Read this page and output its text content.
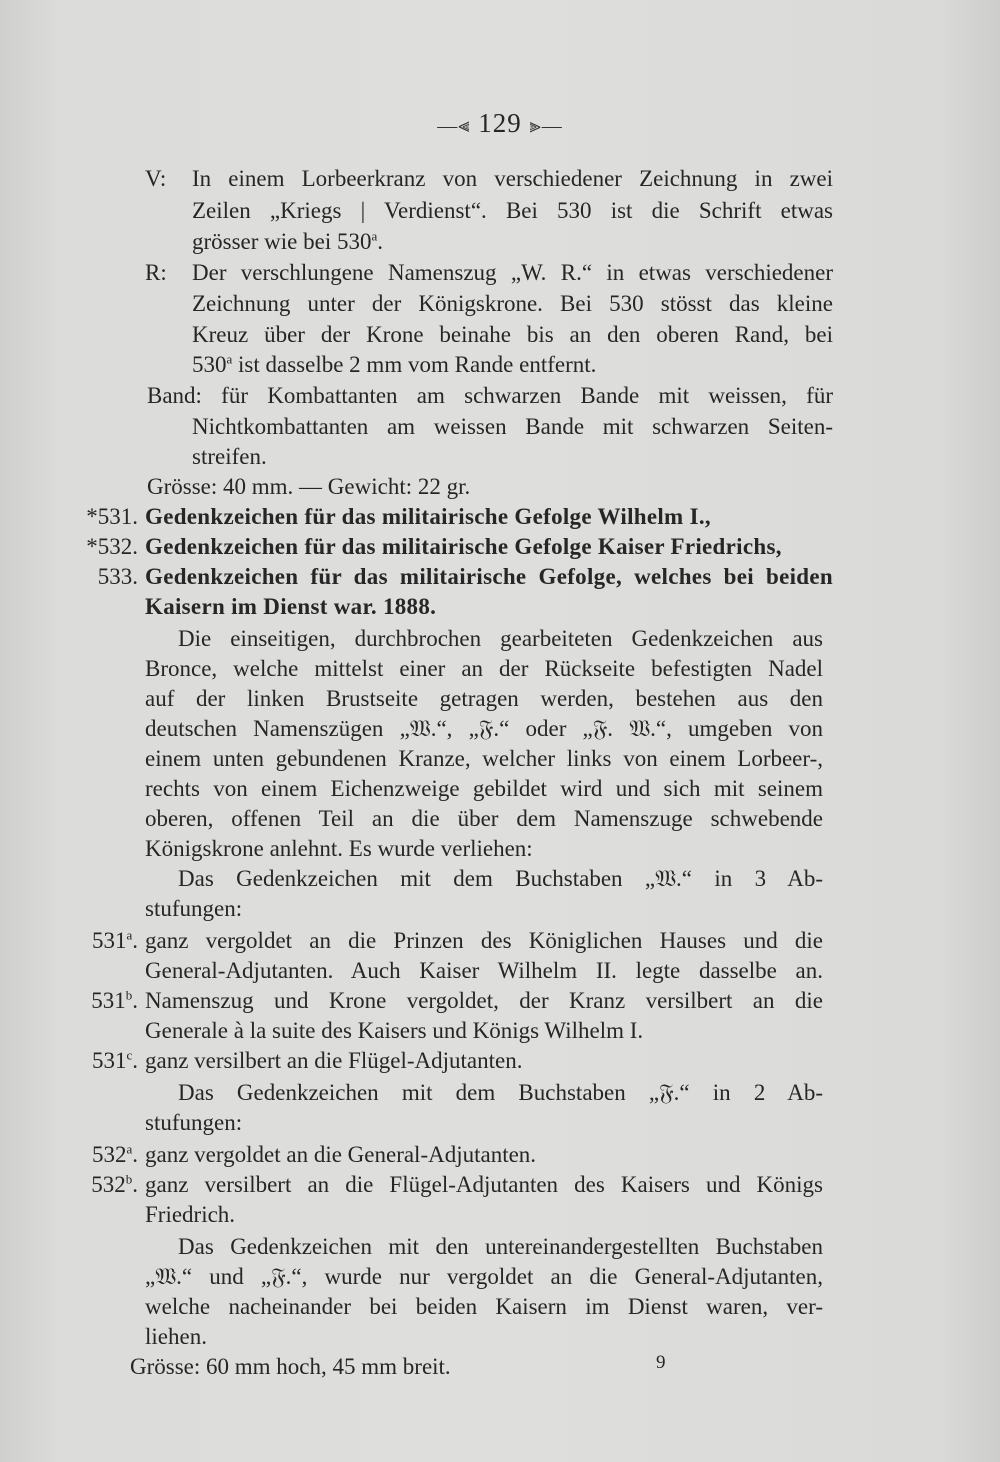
—⫷ 129 ⫸—
V: In einem Lorbeerkranz von verschiedener Zeichnung in zwei
Zeilen „Kriegs | Verdienst“. Bei 530 ist die Schrift etwas
grösser wie bei 530$^a$.
R: Der verschlungene Namenszug „W. R.“ in etwas verschiedener
Zeichnung unter der Königskrone. Bei 530 stösst das kleine
Kreuz über der Krone beinahe bis an den oberen Rand, bei
530$^a$ ist dasselbe 2 mm vom Rande entfernt.
Band: für Kombattanten am schwarzen Bande mit weissen, für
Nichtkombattanten am weissen Bande mit schwarzen Seiten-
streifen.
Grösse: 40 mm. — Gewicht: 22 gr.
*531. Gedenkzeichen für das militairische Gefolge Wilhelm I.,
*532. Gedenkzeichen für das militairische Gefolge Kaiser Friedrichs,
533. Gedenkzeichen für das militairische Gefolge, welches bei beiden
Kaisern im Dienst war. 1888.
Die einseitigen, durchbrochen gearbeiteten Gedenkzeichen aus
Bronce, welche mittelst einer an der Rückseite befestigten Nadel
auf der linken Brustseite getragen werden, bestehen aus den
deutschen Namenszügen „𝔚.“, „𝔉.“ oder „𝔉. 𝔚.“, umgeben von
einem unten gebundenen Kranze, welcher links von einem Lorbeer-,
rechts von einem Eichenzweige gebildet wird und sich mit seinem
oberen, offenen Teil an die über dem Namenszuge schwebende
Königskrone anlehnt. Es wurde verliehen:
Das Gedenkzeichen mit dem Buchstaben „𝔚.“ in 3 Ab-
stufungen:
531$^a$. ganz vergoldet an die Prinzen des Königlichen Hauses und die
General-Adjutanten. Auch Kaiser Wilhelm II. legte dasselbe an.
531$^b$. Namenszug und Krone vergoldet, der Kranz versilbert an die
Generale à la suite des Kaisers und Königs Wilhelm I.
531$^c$. ganz versilbert an die Flügel-Adjutanten.
Das Gedenkzeichen mit dem Buchstaben „𝔉.“ in 2 Ab-
stufungen:
532$^a$. ganz vergoldet an die General-Adjutanten.
532$^b$. ganz versilbert an die Flügel-Adjutanten des Kaisers und Königs
Friedrich.
Das Gedenkzeichen mit den untereinandergestellten Buchstaben
„𝔚.“ und „𝔉.“, wurde nur vergoldet an die General-Adjutanten,
welche nacheinander bei beiden Kaisern im Dienst waren, ver-
liehen.
Grösse: 60 mm hoch, 45 mm breit.	9
